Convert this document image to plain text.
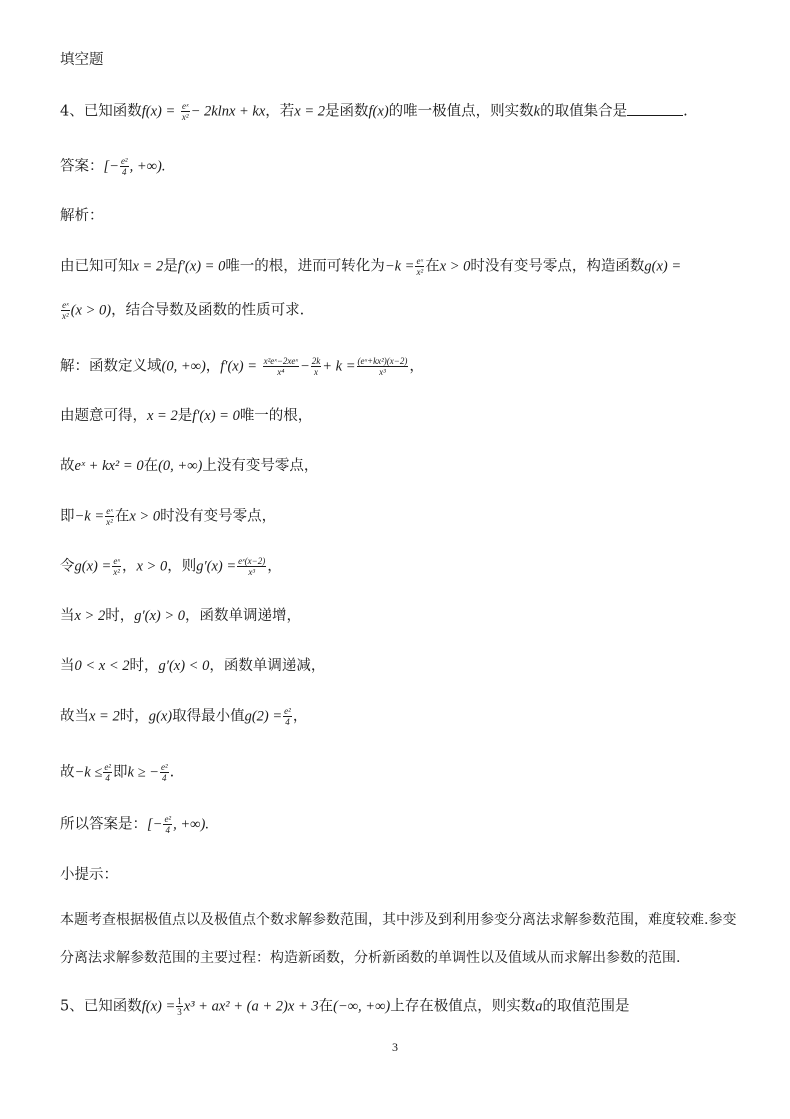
填空题
4、已知函数$f(x) = \frac{\text{eˣ}}{\text{x²}} - 2klnx$ + kx，若x = 2是函数f(x)的唯一极值点，则实数k的取值集合是	.
答案：[− $\frac{\text{e²}}{4}$ , +∞).
解析：
由已知可知x = 2是f′(x) = 0唯一的根，进而可转化为$-k = \frac{\text{eˣ}}{\text{x²}}$ 在x > 0时没有变号零点，构造函数g(x) =
$\frac{\text{eˣ}}{\text{x²}} (x > 0)$，结合导数及函数的性质可求.
解：函数定义域(0, +∞)，$f'(x) = \frac{\text{x²eˣ−2xeˣ}}{\text{x⁴}} - \frac{2k}{x} + k = \frac{\text{(eˣ+kx²)(x−2)}}{\text{x³}}$ ，
由题意可得，x = 2是f′(x) = 0唯一的根，
故eˣ + kx² = 0在(0, +∞)上没有变号零点，
即$-k = \frac{\text{eˣ}}{\text{x²}}$ 在x > 0时没有变号零点，
令$g(x) = \frac{\text{eˣ}}{\text{x²}}$ ，x > 0，则$g'(x) = \frac{\text{eˣ(x−2)}}{\text{x³}}$ ，
当x > 2时，g′(x) > 0，函数单调递增，
当0 < x < 2时，g′(x) < 0，函数单调递减，
故当x = 2时，g(x)取得最小值$g(2) = \frac{\text{e²}}{4}$ ，
故$-k \le \frac{\text{e²}}{4}$ 即k ≥ − $\frac{\text{e²}}{4}$ .
所以答案是：[− $\frac{\text{e²}}{4}$ , +∞).
小提示：
本题考查根据极值点以及极值点个数求解参数范围，其中涉及到利用参变分离法求解参数范围，难度较难.参变
分离法求解参数范围的主要过程：构造新函数，分析新函数的单调性以及值域从而求解出参数的范围.
5、已知函数$f(x) = \frac{1}{3} x^3 + ax^2 + (a + 2)x + 3$在(−∞, +∞)上存在极值点，则实数a的取值范围是
3
